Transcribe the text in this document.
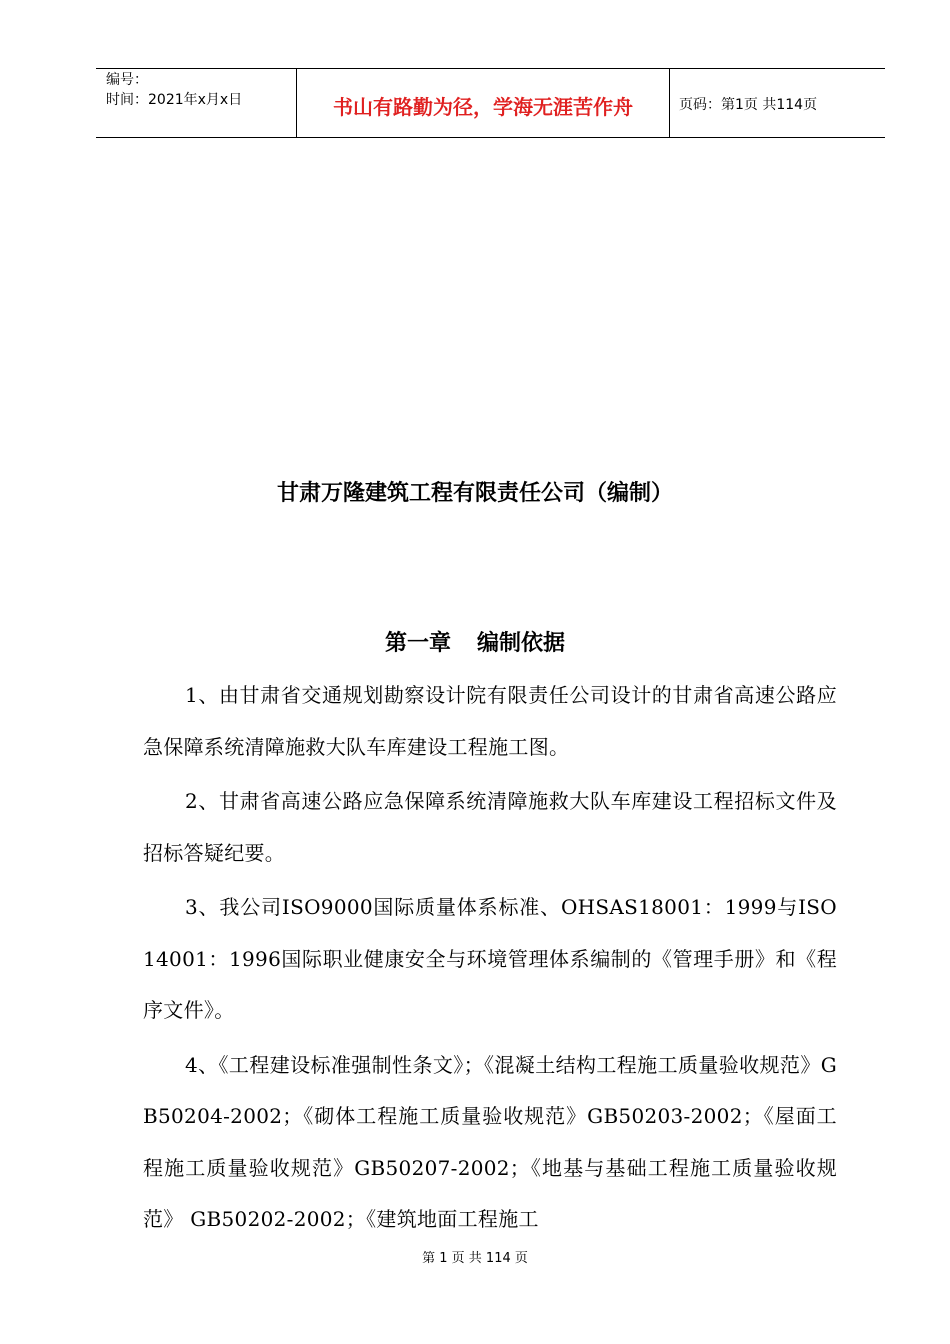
编号：
时间：2021年x月x日	书山有路勤为径，学海无涯苦作舟	页码：第1页 共114页
甘肃万隆建筑工程有限责任公司（编制）
第一章 编制依据

1、由甘肃省交通规划勘察设计院有限责任公司设计的甘肃省高速公路应急保障系统清障施救大队车库建设工程施工图。

2、甘肃省高速公路应急保障系统清障施救大队车库建设工程招标文件及招标答疑纪要。

3、我公司ISO9000国际质量体系标准、OHSAS18001：1999与ISO14001：1996国际职业健康安全与环境管理体系编制的《管理手册》和《程序文件》。

4、《工程建设标准强制性条文》；《混凝土结构工程施工质量验收规范》GB50204-2002；《砌体工程施工质量验收规范》GB50203-2002；《屋面工程施工质量验收规范》GB50207-2002；《地基与基础工程施工质量验收规范》 GB50202-2002；《建筑地面工程施工

第 1 页 共 114 页
